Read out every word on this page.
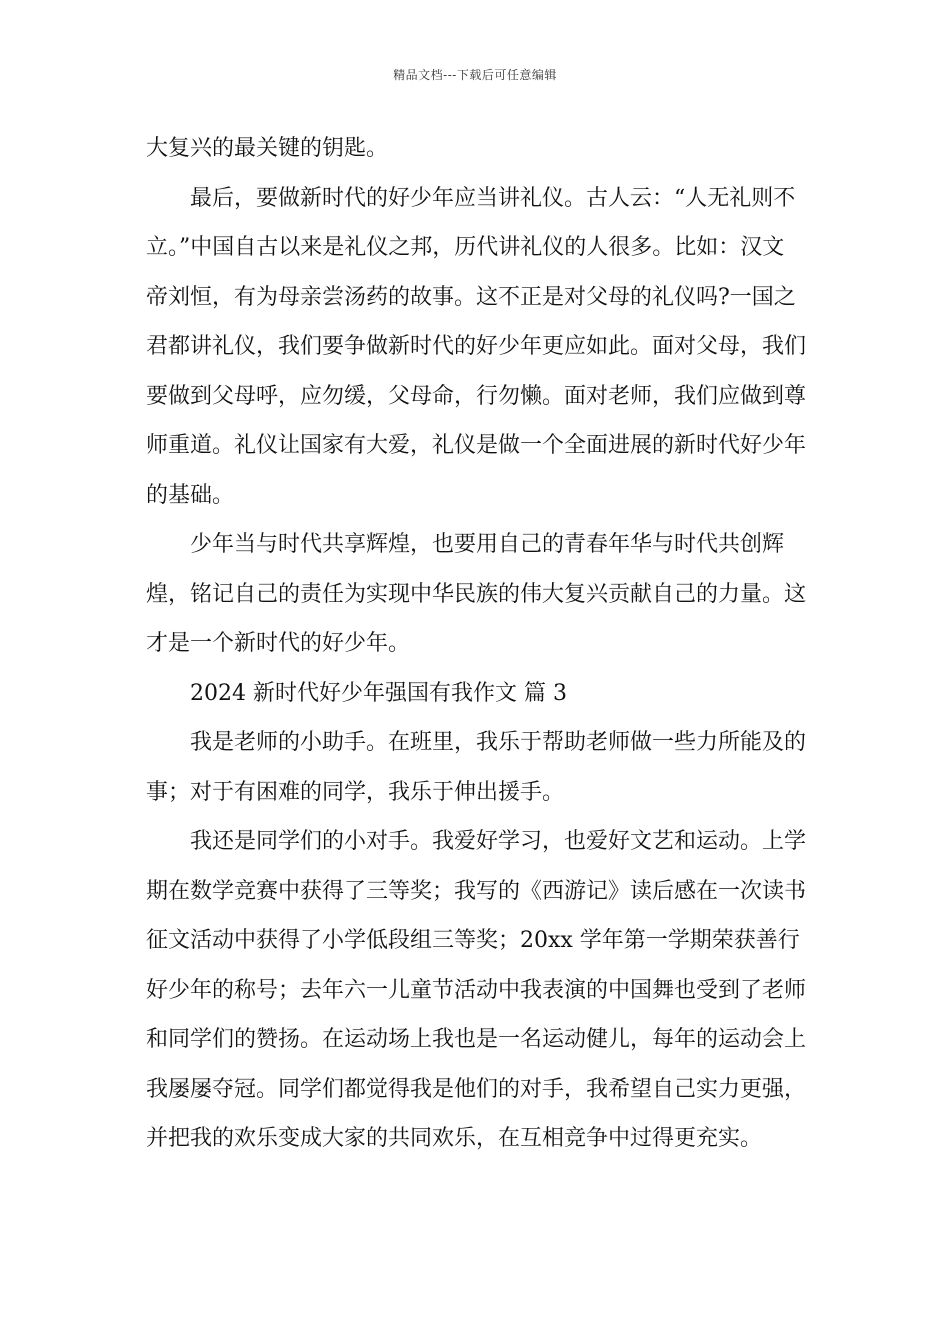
精品文档---下载后可任意编辑

大复兴的最关键的钥匙。

最后，要做新时代的好少年应当讲礼仪。古人云：“人无礼则不立。”中国自古以来是礼仪之邦，历代讲礼仪的人很多。比如：汉文帝刘恒，有为母亲尝汤药的故事。这不正是对父母的礼仪吗?一国之君都讲礼仪，我们要争做新时代的好少年更应如此。面对父母，我们要做到父母呼，应勿缓，父母命，行勿懒。面对老师，我们应做到尊师重道。礼仪让国家有大爱，礼仪是做一个全面进展的新时代好少年的基础。

少年当与时代共享辉煌，也要用自己的青春年华与时代共创辉煌，铭记自己的责任为实现中华民族的伟大复兴贡献自己的力量。这才是一个新时代的好少年。

2024 新时代好少年强国有我作文 篇 3

我是老师的小助手。在班里，我乐于帮助老师做一些力所能及的事；对于有困难的同学，我乐于伸出援手。

我还是同学们的小对手。我爱好学习，也爱好文艺和运动。上学期在数学竞赛中获得了三等奖；我写的《西游记》读后感在一次读书征文活动中获得了小学低段组三等奖；20xx 学年第一学期荣获善行好少年的称号；去年六一儿童节活动中我表演的中国舞也受到了老师和同学们的赞扬。在运动场上我也是一名运动健儿，每年的运动会上我屡屡夺冠。同学们都觉得我是他们的对手，我希望自己实力更强，并把我的欢乐变成大家的共同欢乐，在互相竞争中过得更充实。
